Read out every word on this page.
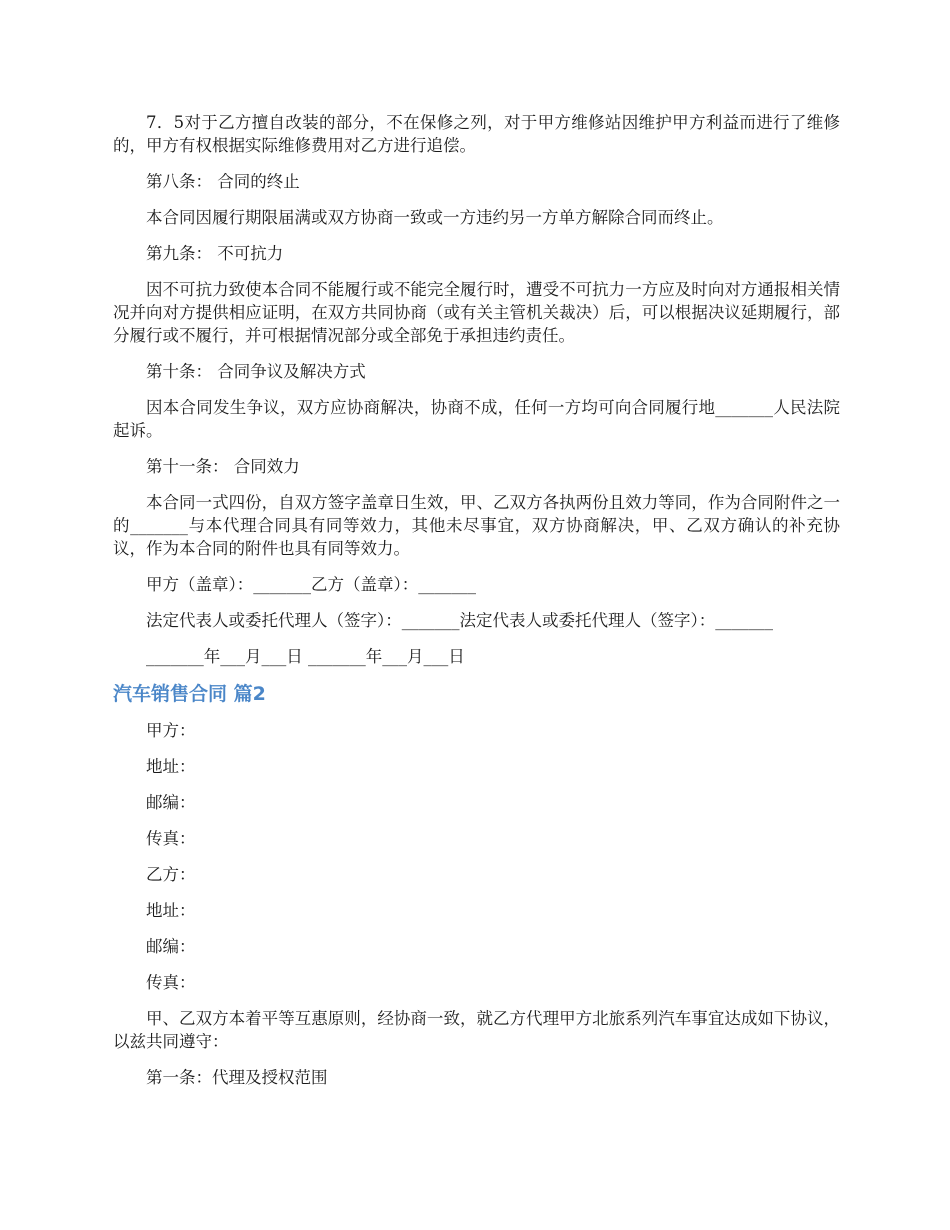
7．5对于乙方擅自改装的部分，不在保修之列，对于甲方维修站因维护甲方利益而进行了维修的，甲方有权根据实际维修费用对乙方进行追偿。

第八条： 合同的终止

本合同因履行期限届满或双方协商一致或一方违约另一方单方解除合同而终止。

第九条： 不可抗力

因不可抗力致使本合同不能履行或不能完全履行时，遭受不可抗力一方应及时向对方通报相关情况并向对方提供相应证明，在双方共同协商（或有关主管机关裁决）后，可以根据决议延期履行，部分履行或不履行，并可根据情况部分或全部免于承担违约责任。

第十条： 合同争议及解决方式

因本合同发生争议，双方应协商解决，协商不成，任何一方均可向合同履行地_______人民法院起诉。

第十一条： 合同效力

本合同一式四份，自双方签字盖章日生效，甲、乙双方各执两份且效力等同，作为合同附件之一的_______与本代理合同具有同等效力，其他未尽事宜，双方协商解决，甲、乙双方确认的补充协议，作为本合同的附件也具有同等效力。

甲方（盖章）：_______乙方（盖章）：_______

法定代表人或委托代理人（签字）：_______法定代表人或委托代理人（签字）：_______

_______年___月___日 _______年___月___日

汽车销售合同 篇2

甲方：

地址：

邮编：

传真：

乙方：

地址：

邮编：

传真：

甲、乙双方本着平等互惠原则，经协商一致，就乙方代理甲方北旅系列汽车事宜达成如下协议，以兹共同遵守：

第一条：代理及授权范围
